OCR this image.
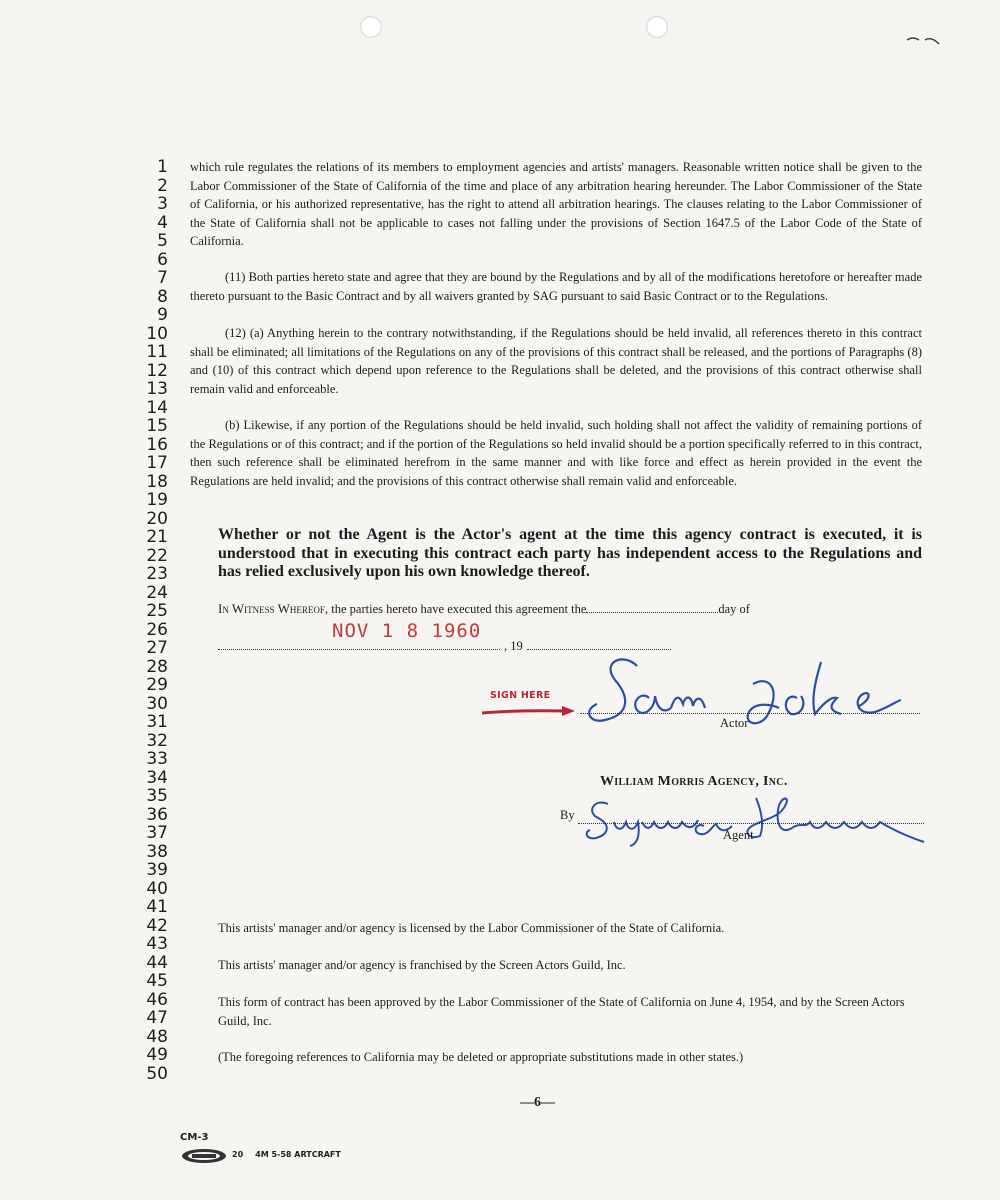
1
2
3
4
5
6
7
8
9
10
11
12
13
14
15
16
17
18
19
20
21
22
23
24
25
26
27
28
29
30
31
32
33
34
35
36
37
38
39
40
41
42
43
44
45
46
47
48
49
50
which rule regulates the relations of its members to employment agencies and artists' managers. Reasonable written notice shall be given to the Labor Commissioner of the State of California of the time and place of any arbitration hearing hereunder. The Labor Commissioner of the State of California, or his authorized representative, has the right to attend all arbitration hearings. The clauses relating to the Labor Commissioner of the State of California shall not be applicable to cases not falling under the provisions of Section 1647.5 of the Labor Code of the State of California.
(11) Both parties hereto state and agree that they are bound by the Regulations and by all of the modifications heretofore or hereafter made thereto pursuant to the Basic Contract and by all waivers granted by SAG pursuant to said Basic Contract or to the Regulations.
(12) (a) Anything herein to the contrary notwithstanding, if the Regulations should be held invalid, all references thereto in this contract shall be eliminated; all limitations of the Regulations on any of the provisions of this contract shall be released, and the portions of Paragraphs (8) and (10) of this contract which depend upon reference to the Regulations shall be deleted, and the provisions of this contract otherwise shall remain valid and enforceable.
(b) Likewise, if any portion of the Regulations should be held invalid, such holding shall not affect the validity of remaining portions of the Regulations or of this contract; and if the portion of the Regulations so held invalid should be a portion specifically referred to in this contract, then such reference shall be eliminated herefrom in the same manner and with like force and effect as herein provided in the event the Regulations are held invalid; and the provisions of this contract otherwise shall remain valid and enforceable.
Whether or not the Agent is the Actor's agent at the time this agency contract is executed, it is understood that in executing this contract each party has independent access to the Regulations and has relied exclusively upon his own knowledge thereof.
In Witness Whereof, the parties hereto have executed this agreement the	day of
NOV 1 8 1960
, 19
SIGN HERE
Actor
William Morris Agency, Inc.
By
Agent
This artists' manager and/or agency is licensed by the Labor Commissioner of the State of California.
This artists' manager and/or agency is franchised by the Screen Actors Guild, Inc.
This form of contract has been approved by the Labor Commissioner of the State of California on June 4, 1954, and by the Screen Actors Guild, Inc.
(The foregoing references to California may be deleted or appropriate substitutions made in other states.)
—6—
CM-3
20 4M 5-58 ARTCRAFT
